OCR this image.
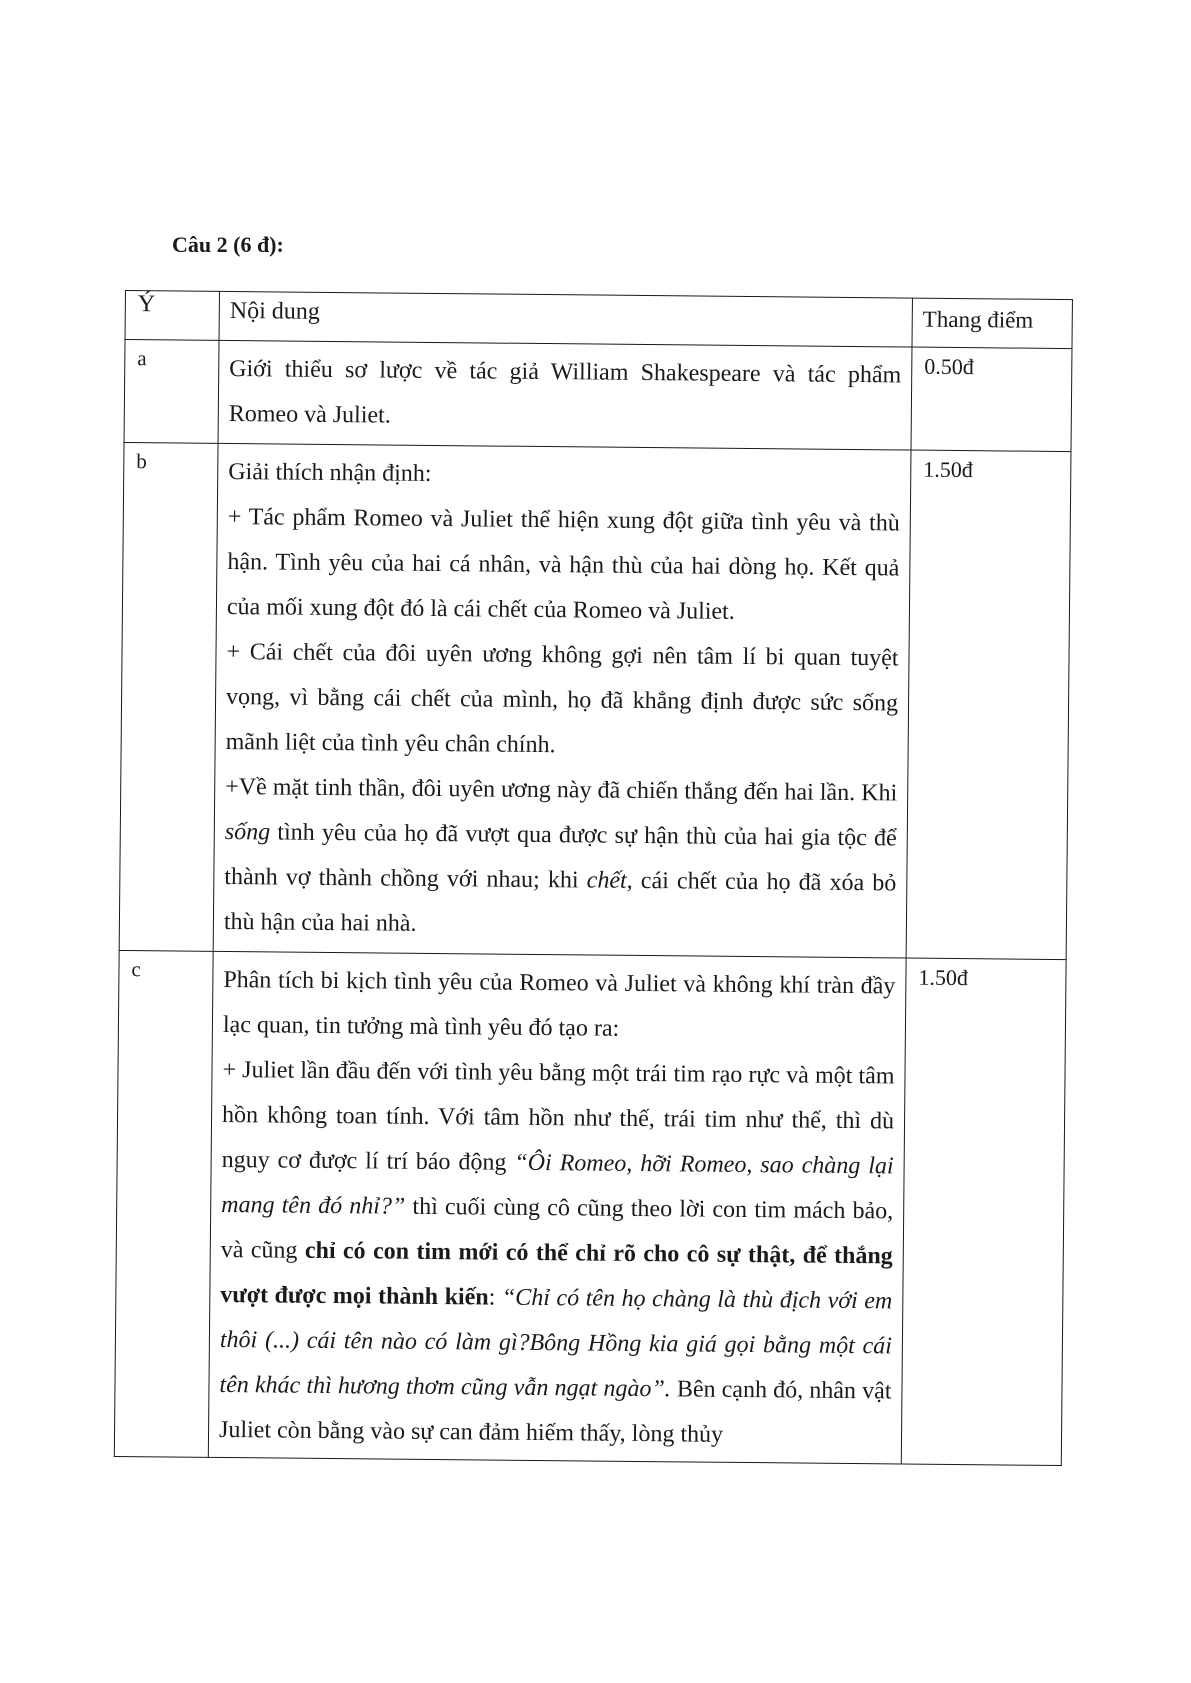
Câu 2 (6 đ):
Ý	Nội dung	Thang điểm
a	Giới thiểu sơ lược về tác giả William Shakespeare và tác phẩm Romeo và Juliet.	0.50đ
b	Giải thích nhận định:
+ Tác phẩm Romeo và Juliet thể hiện xung đột giữa tình yêu và thù hận. Tình yêu của hai cá nhân, và hận thù của hai dòng họ. Kết quả của mối xung đột đó là cái chết của Romeo và Juliet.
+ Cái chết của đôi uyên ương không gợi nên tâm lí bi quan tuyệt vọng, vì bằng cái chết của mình, họ đã khẳng định được sức sống mãnh liệt của tình yêu chân chính.
+Về mặt tinh thần, đôi uyên ương này đã chiến thắng đến hai lần. Khi sống tình yêu của họ đã vượt qua được sự hận thù của hai gia tộc để thành vợ thành chồng với nhau; khi chết, cái chết của họ đã xóa bỏ thù hận của hai nhà.	1.50đ
c	Phân tích bi kịch tình yêu của Romeo và Juliet và không khí tràn đầy lạc quan, tin tưởng mà tình yêu đó tạo ra:
+ Juliet lần đầu đến với tình yêu bằng một trái tim rạo rực và một tâm hồn không toan tính. Với tâm hồn như thế, trái tim như thế, thì dù nguy cơ được lí trí báo động “Ôi Romeo, hỡi Romeo, sao chàng lại mang tên đó nhỉ?” thì cuối cùng cô cũng theo lời con tim mách bảo, và cũng chỉ có con tim mới có thể chỉ rõ cho cô sự thật, để thắng vượt được mọi thành kiến: “Chỉ có tên họ chàng là thù địch với em thôi (...) cái tên nào có làm gì?Bông Hồng kia giá gọi bằng một cái tên khác thì hương thơm cũng vẫn ngạt ngào”. Bên cạnh đó, nhân vật Juliet còn bằng vào sự can đảm hiếm thấy, lòng thủy	1.50đ
